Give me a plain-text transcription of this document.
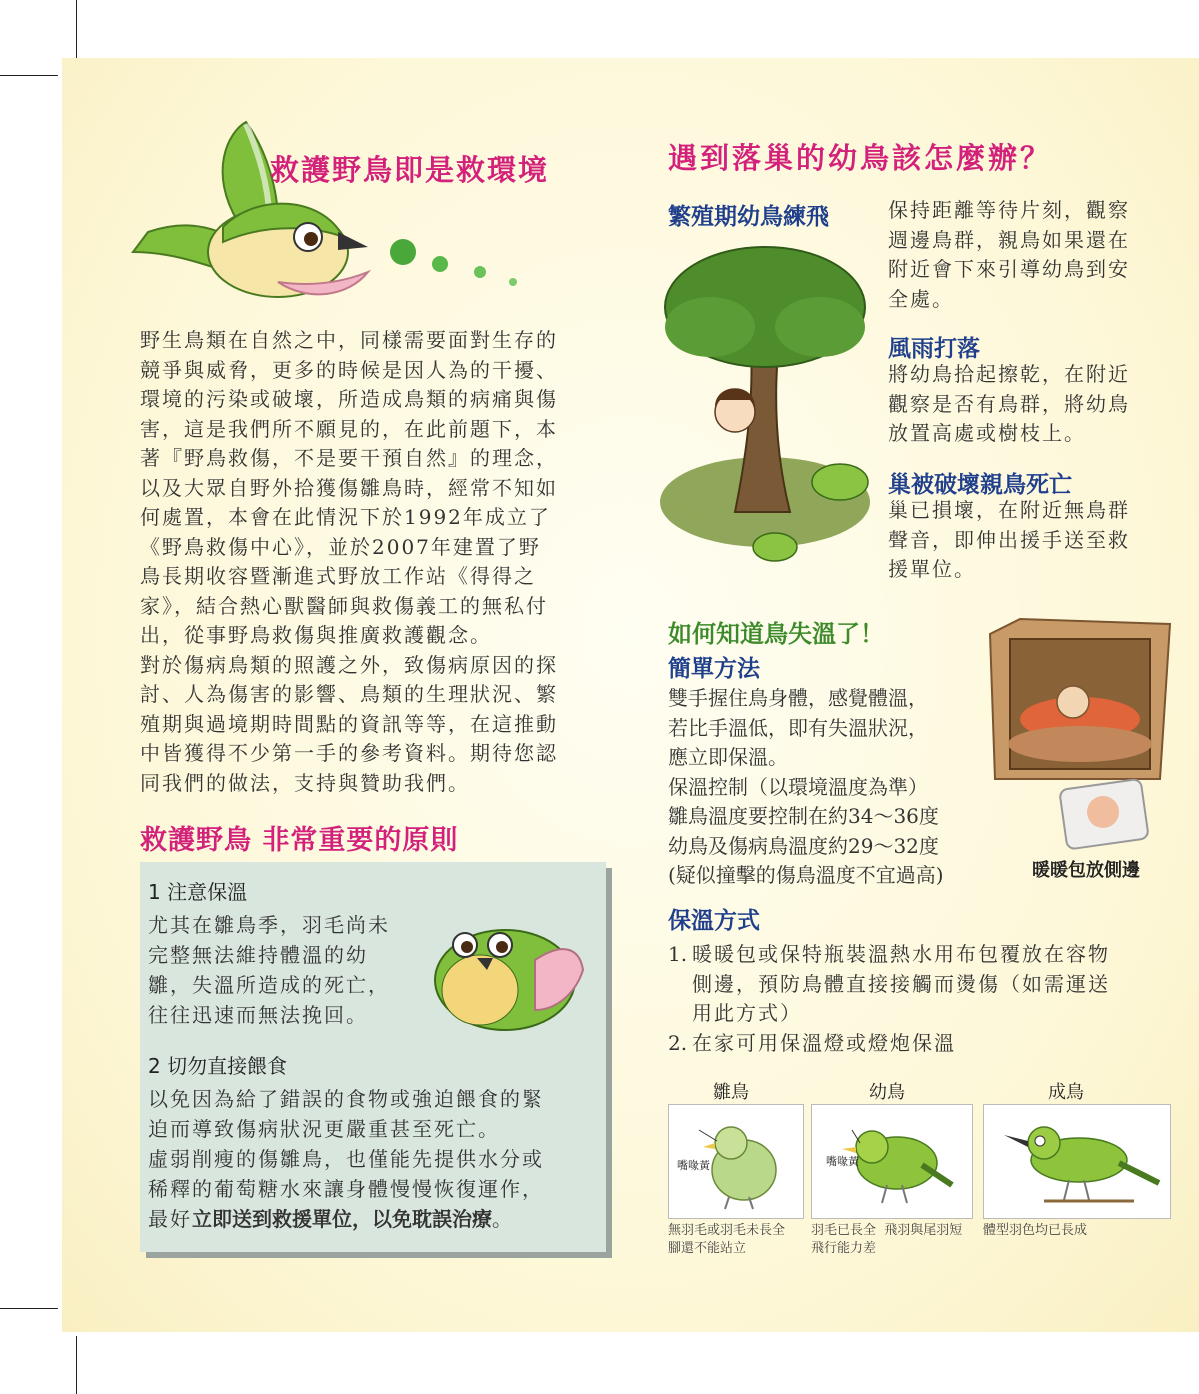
救護野鳥即是救環境
野生鳥類在自然之中，同樣需要面對生存的
競爭與威脅，更多的時候是因人為的干擾、
環境的污染或破壞，所造成鳥類的病痛與傷
害，這是我們所不願見的，在此前題下，本
著『野鳥救傷，不是要干預自然』的理念，
以及大眾自野外拾獲傷雛鳥時，經常不知如
何處置，本會在此情況下於1992年成立了
《野鳥救傷中心》，並於2007年建置了野
鳥長期收容暨漸進式野放工作站《得得之
家》，結合熱心獸醫師與救傷義工的無私付
出，從事野鳥救傷與推廣救護觀念。
對於傷病鳥類的照護之外，致傷病原因的探
討、人為傷害的影響、鳥類的生理狀況、繁
殖期與過境期時間點的資訊等等，在這推動
中皆獲得不少第一手的參考資料。期待您認
同我們的做法，支持與贊助我們。
救護野鳥 非常重要的原則
1 注意保溫
尤其在雛鳥季，羽毛尚未
完整無法維持體溫的幼
雛，失溫所造成的死亡，
往往迅速而無法挽回。
2 切勿直接餵食
以免因為給了錯誤的食物或強迫餵食的緊
迫而導致傷病狀況更嚴重甚至死亡。
虛弱削瘦的傷雛鳥，也僅能先提供水分或
稀釋的葡萄糖水來讓身體慢慢恢復運作，
最好立即送到救援單位，以免耽誤治療。
遇到落巢的幼鳥該怎麼辦？
繁殖期幼鳥練飛	保持距離等待片刻，觀察
週邊鳥群，親鳥如果還在
附近會下來引導幼鳥到安
全處。
風雨打落
將幼鳥拾起擦乾，在附近
觀察是否有鳥群，將幼鳥
放置高處或樹枝上。
巢被破壞親鳥死亡
巢已損壞，在附近無鳥群
聲音，即伸出援手送至救
援單位。
如何知道鳥失溫了！
簡單方法
雙手握住鳥身體，感覺體溫，
若比手溫低，即有失溫狀況，
應立即保溫。
保溫控制（以環境溫度為準）
雛鳥溫度要控制在約34～36度
幼鳥及傷病鳥溫度約29～32度
(疑似撞擊的傷鳥溫度不宜過高)	暖暖包放側邊
保溫方式
1. 暖暖包或保特瓶裝溫熱水用布包覆放在容物
側邊，預防鳥體直接接觸而燙傷（如需運送
用此方式）
2. 在家可用保溫燈或燈炮保溫
雛鳥	幼鳥	成鳥
嘴喙黃	嘴喙黃
無羽毛或羽毛未長全
腳還不能站立
羽毛已長全  飛羽與尾羽短
飛行能力差
體型羽色均已長成
